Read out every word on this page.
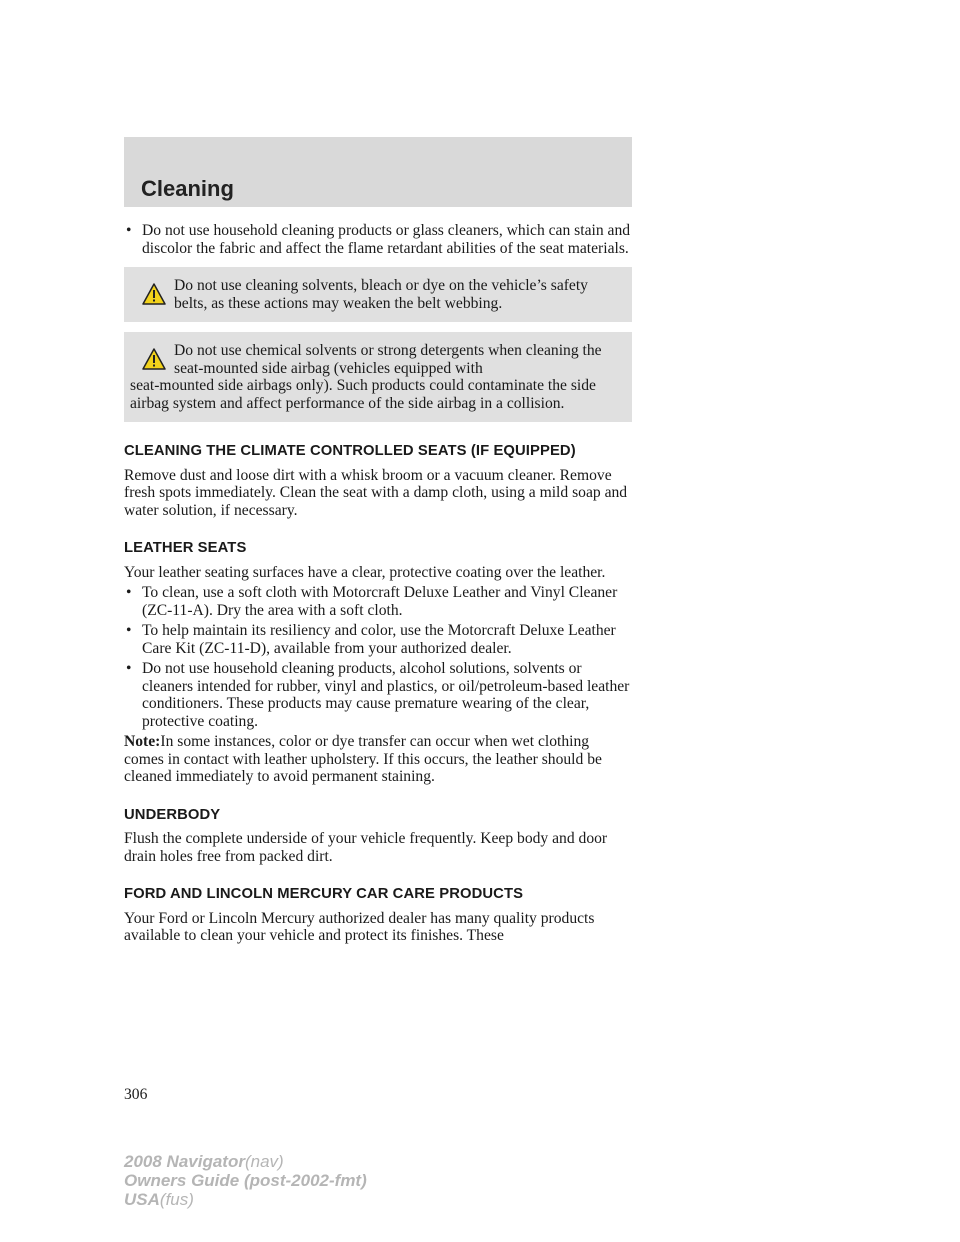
Cleaning
• Do not use household cleaning products or glass cleaners, which can stain and discolor the fabric and affect the flame retardant abilities of the seat materials.
Do not use cleaning solvents, bleach or dye on the vehicle’s safety belts, as these actions may weaken the belt webbing.
Do not use chemical solvents or strong detergents when cleaning the seat-mounted side airbag (vehicles equipped with
seat-mounted side airbags only). Such products could contaminate the side airbag system and affect performance of the side airbag in a collision.
CLEANING THE CLIMATE CONTROLLED SEATS (IF EQUIPPED)

Remove dust and loose dirt with a whisk broom or a vacuum cleaner. Remove fresh spots immediately. Clean the seat with a damp cloth, using a mild soap and water solution, if necessary.

LEATHER SEATS

Your leather seating surfaces have a clear, protective coating over the leather.

• To clean, use a soft cloth with Motorcraft Deluxe Leather and Vinyl Cleaner (ZC-11-A). Dry the area with a soft cloth.
• To help maintain its resiliency and color, use the Motorcraft Deluxe Leather Care Kit (ZC-11-D), available from your authorized dealer.
• Do not use household cleaning products, alcohol solutions, solvents or cleaners intended for rubber, vinyl and plastics, or oil/petroleum-based leather conditioners. These products may cause premature wearing of the clear, protective coating.

Note:In some instances, color or dye transfer can occur when wet clothing comes in contact with leather upholstery. If this occurs, the leather should be cleaned immediately to avoid permanent staining.

UNDERBODY

Flush the complete underside of your vehicle frequently. Keep body and door drain holes free from packed dirt.

FORD AND LINCOLN MERCURY CAR CARE PRODUCTS

Your Ford or Lincoln Mercury authorized dealer has many quality products available to clean your vehicle and protect its finishes. These

306
2008 Navigator(nav)
Owners Guide (post-2002-fmt)
USA(fus)
